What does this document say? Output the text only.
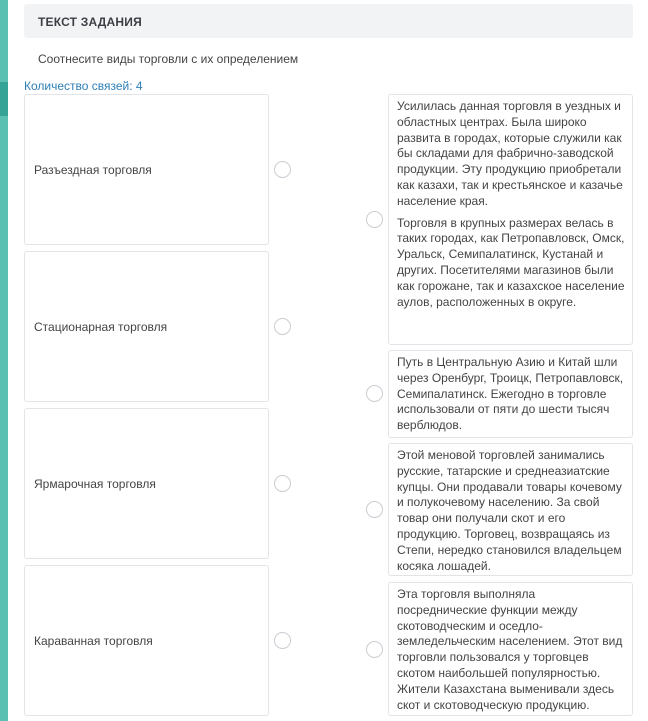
ТЕКСТ ЗАДАНИЯ
Соотнесите виды торговли с их определением
Количество связей: 4
Разъездная торговля
Стационарная торговля
Ярмарочная торговля
Караванная торговля
Усилилась данная торговля в уездных и областных центрах. Была широко развита в городах, которые служили как бы складами для фабрично-заводской продукции. Эту продукцию приобретали как казахи, так и крестьянское и казачье население края.
Торговля в крупных размерах велась в таких городах, как Петропавловск, Омск, Уральск, Семипалатинск, Кустанай и других. Посетителями магазинов были как горожане, так и казахское население аулов, расположенных в округе.
Путь в Центральную Азию и Китай шли через Оренбург, Троицк, Петропавловск, Семипалатинск. Ежегодно в торговле использовали от пяти до шести тысяч верблюдов.
Этой меновой торговлей занимались русские, татарские и среднеазиатские купцы. Они продавали товары кочевому и полукочевому населению. За свой товар они получали скот и его продукцию. Торговец, возвращаясь из Степи, нередко становился владельцем косяка лошадей.
Эта торговля выполняла посреднические функции между скотоводческим и оседло-земледельческим населением. Этот вид торговли пользовался у торговцев скотом наибольшей популярностью. Жители Казахстана выменивали здесь скот и скотоводческую продукцию.
